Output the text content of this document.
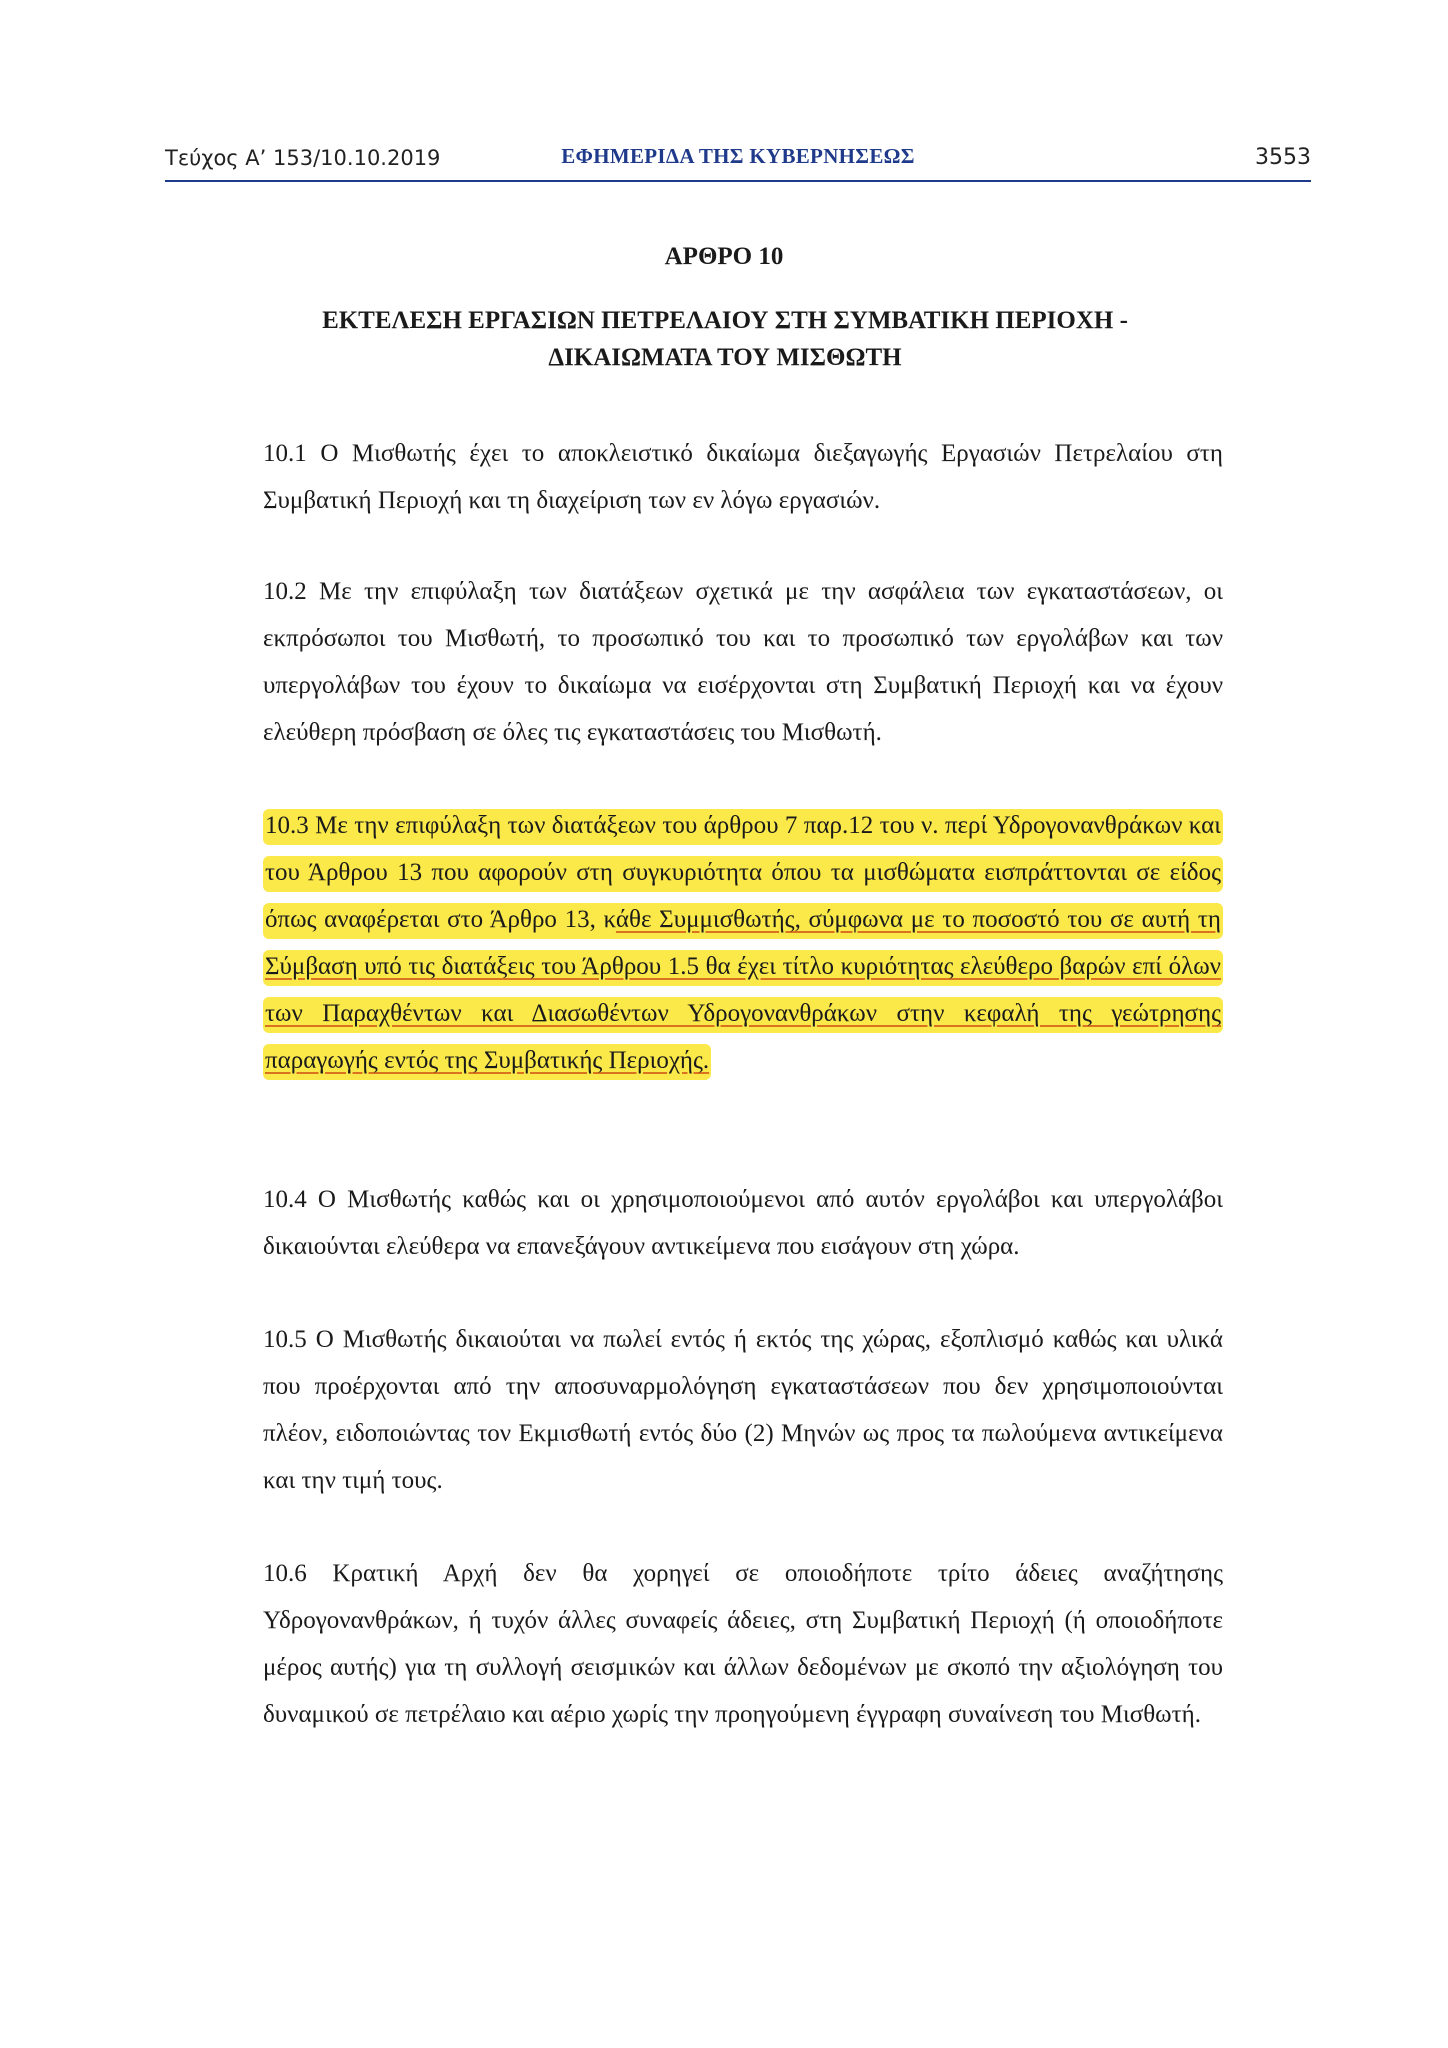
Τεύχος Α’ 153/10.10.2019	ΕΦΗΜΕΡΙΔΑ ΤΗΣ ΚΥΒΕΡΝΗΣΕΩΣ	3553
ΑΡΘΡΟ 10
ΕΚΤΕΛΕΣΗ ΕΡΓΑΣΙΩΝ ΠΕΤΡΕΛΑΙΟΥ ΣΤΗ ΣΥΜΒΑΤΙΚΗ ΠΕΡΙΟΧΗ - ΔΙΚΑΙΩΜΑΤΑ ΤΟΥ ΜΙΣΘΩΤΗ
10.1 Ο Μισθωτής έχει το αποκλειστικό δικαίωμα διεξαγωγής Εργασιών Πετρελαίου στη Συμβατική Περιοχή και τη διαχείριση των εν λόγω εργασιών.
10.2 Με την επιφύλαξη των διατάξεων σχετικά με την ασφάλεια των εγκαταστάσεων, οι εκπρόσωποι του Μισθωτή, το προσωπικό του και το προσωπικό των εργολάβων και των υπεργολάβων του έχουν το δικαίωμα να εισέρχονται στη Συμβατική Περιοχή και να έχουν ελεύθερη πρόσβαση σε όλες τις εγκαταστάσεις του Μισθωτή.
10.3 Με την επιφύλαξη των διατάξεων του άρθρου 7 παρ.12 του ν. περί Υδρογονανθράκων και του Άρθρου 13 που αφορούν στη συγκυριότητα όπου τα μισθώματα εισπράττονται σε είδος όπως αναφέρεται στο Άρθρο 13, κάθε Συμμισθωτής, σύμφωνα με το ποσοστό του σε αυτή τη Σύμβαση υπό τις διατάξεις του Άρθρου 1.5 θα έχει τίτλο κυριότητας ελεύθερο βαρών επί όλων των Παραχθέντων και Διασωθέντων Υδρογονανθράκων στην κεφαλή της γεώτρησης παραγωγής εντός της Συμβατικής Περιοχής.
10.4 Ο Μισθωτής καθώς και οι χρησιμοποιούμενοι από αυτόν εργολάβοι και υπεργολάβοι δικαιούνται ελεύθερα να επανεξάγουν αντικείμενα που εισάγουν στη χώρα.
10.5 Ο Μισθωτής δικαιούται να πωλεί εντός ή εκτός της χώρας, εξοπλισμό καθώς και υλικά που προέρχονται από την αποσυναρμολόγηση εγκαταστάσεων που δεν χρησιμοποιούνται πλέον, ειδοποιώντας τον Εκμισθωτή εντός δύο (2) Μηνών ως προς τα πωλούμενα αντικείμενα και την τιμή τους.
10.6 Κρατική Αρχή δεν θα χορηγεί σε οποιοδήποτε τρίτο άδειες αναζήτησης Υδρογονανθράκων, ή τυχόν άλλες συναφείς άδειες, στη Συμβατική Περιοχή (ή οποιοδήποτε μέρος αυτής) για τη συλλογή σεισμικών και άλλων δεδομένων με σκοπό την αξιολόγηση του δυναμικού σε πετρέλαιο και αέριο χωρίς την προηγούμενη έγγραφη συναίνεση του Μισθωτή.
